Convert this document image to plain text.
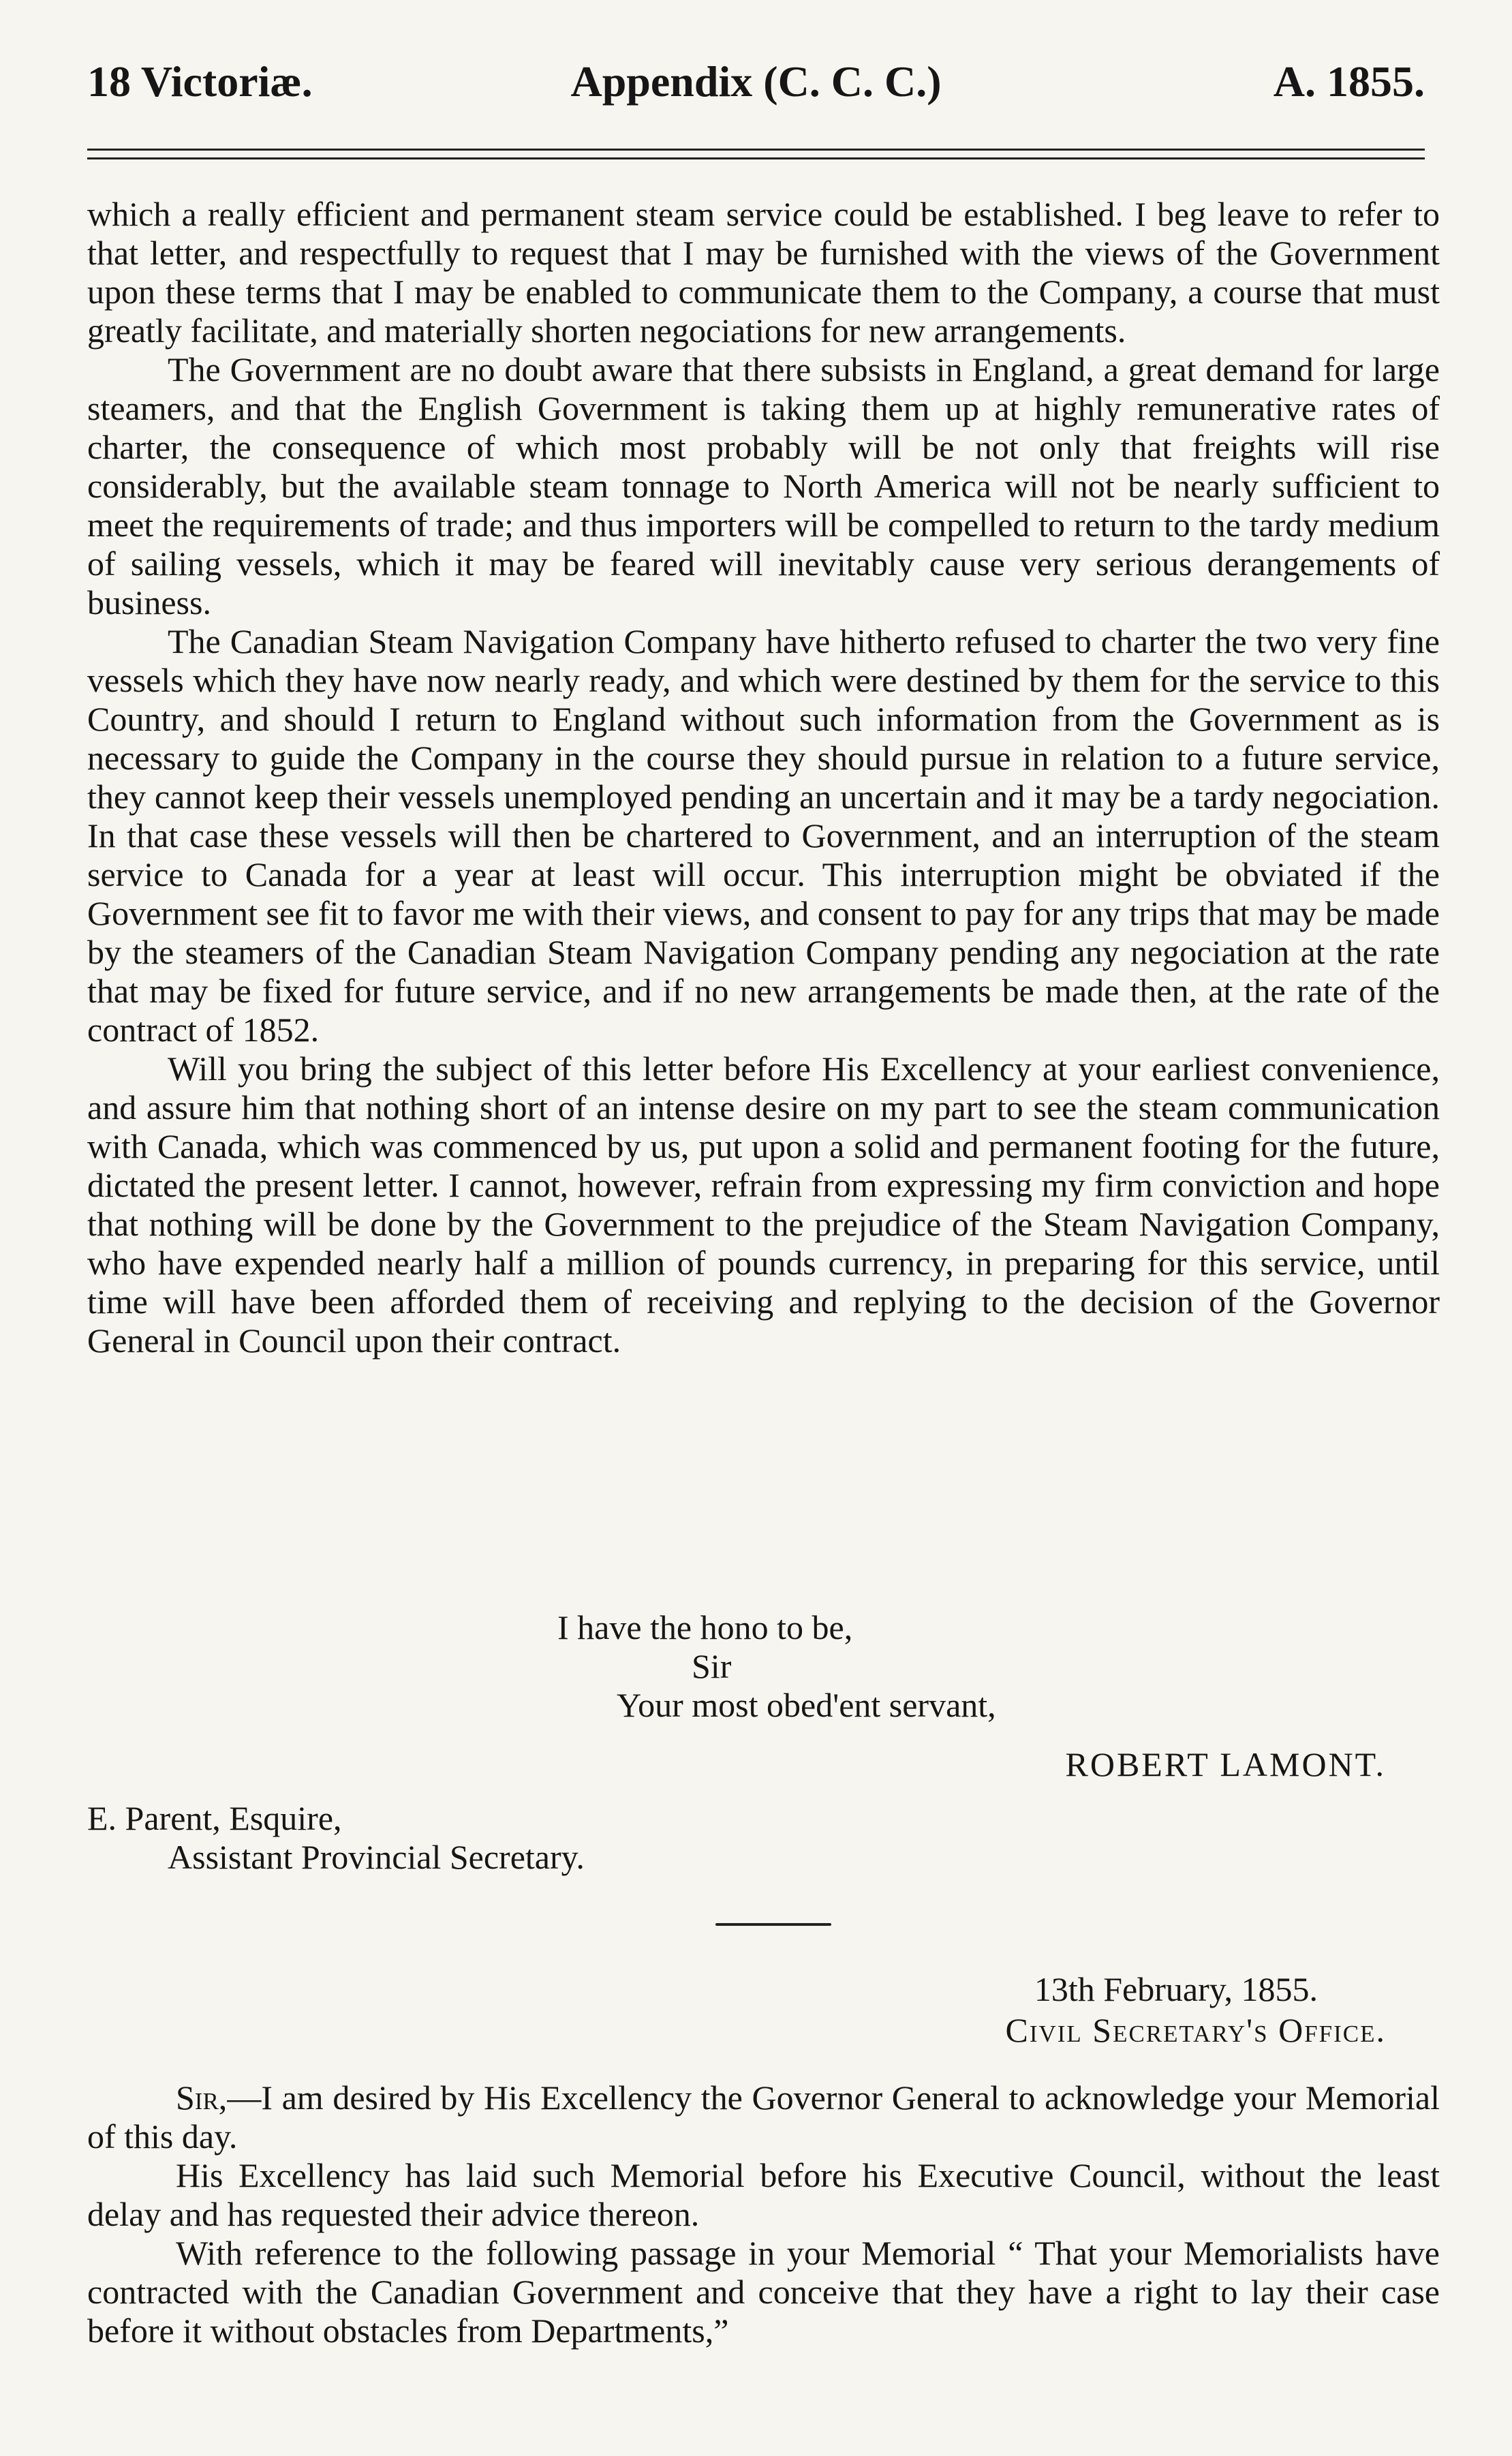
18 Victoriæ.	Appendix (C. C. C.)	A. 1855.

which a really efficient and permanent steam service could be established. I beg leave to refer to that letter, and respectfully to request that I may be furnished with the views of the Government upon these terms that I may be enabled to communicate them to the Company, a course that must greatly facilitate, and materially shorten negociations for new arrangements.

The Government are no doubt aware that there subsists in England, a great demand for large steamers, and that the English Government is taking them up at highly remunerative rates of charter, the consequence of which most probably will be not only that freights will rise considerably, but the available steam tonnage to North America will not be nearly sufficient to meet the requirements of trade; and thus importers will be compelled to return to the tardy medium of sailing vessels, which it may be feared will inevitably cause very serious derangements of business.

The Canadian Steam Navigation Company have hitherto refused to charter the two very fine vessels which they have now nearly ready, and which were destined by them for the service to this Country, and should I return to England without such information from the Government as is necessary to guide the Company in the course they should pursue in relation to a future service, they cannot keep their vessels unemployed pending an uncertain and it may be a tardy negociation. In that case these vessels will then be chartered to Government, and an interruption of the steam service to Canada for a year at least will occur. This interruption might be obviated if the Government see fit to favor me with their views, and consent to pay for any trips that may be made by the steamers of the Canadian Steam Navigation Company pending any negociation at the rate that may be fixed for future service, and if no new arrangements be made then, at the rate of the contract of 1852.

Will you bring the subject of this letter before His Excellency at your earliest convenience, and assure him that nothing short of an intense desire on my part to see the steam communication with Canada, which was commenced by us, put upon a solid and permanent footing for the future, dictated the present letter. I cannot, however, refrain from expressing my firm conviction and hope that nothing will be done by the Government to the prejudice of the Steam Navigation Company, who have expended nearly half a million of pounds currency, in preparing for this service, until time will have been afforded them of receiving and replying to the decision of the Governor General in Council upon their contract.

I have the hono to be,
Sir
Your most obed'ent servant,
ROBERT LAMONT.
E. Parent, Esquire,
Assistant Provincial Secretary.
13th February, 1855.
Civil Secretary's Office.

Sir,—I am desired by His Excellency the Governor General to acknowledge your Memorial of this day.

His Excellency has laid such Memorial before his Executive Council, without the least delay and has requested their advice thereon.

With reference to the following passage in your Memorial “ That your Memorialists have contracted with the Canadian Government and conceive that they have a right to lay their case before it without obstacles from Departments,”
